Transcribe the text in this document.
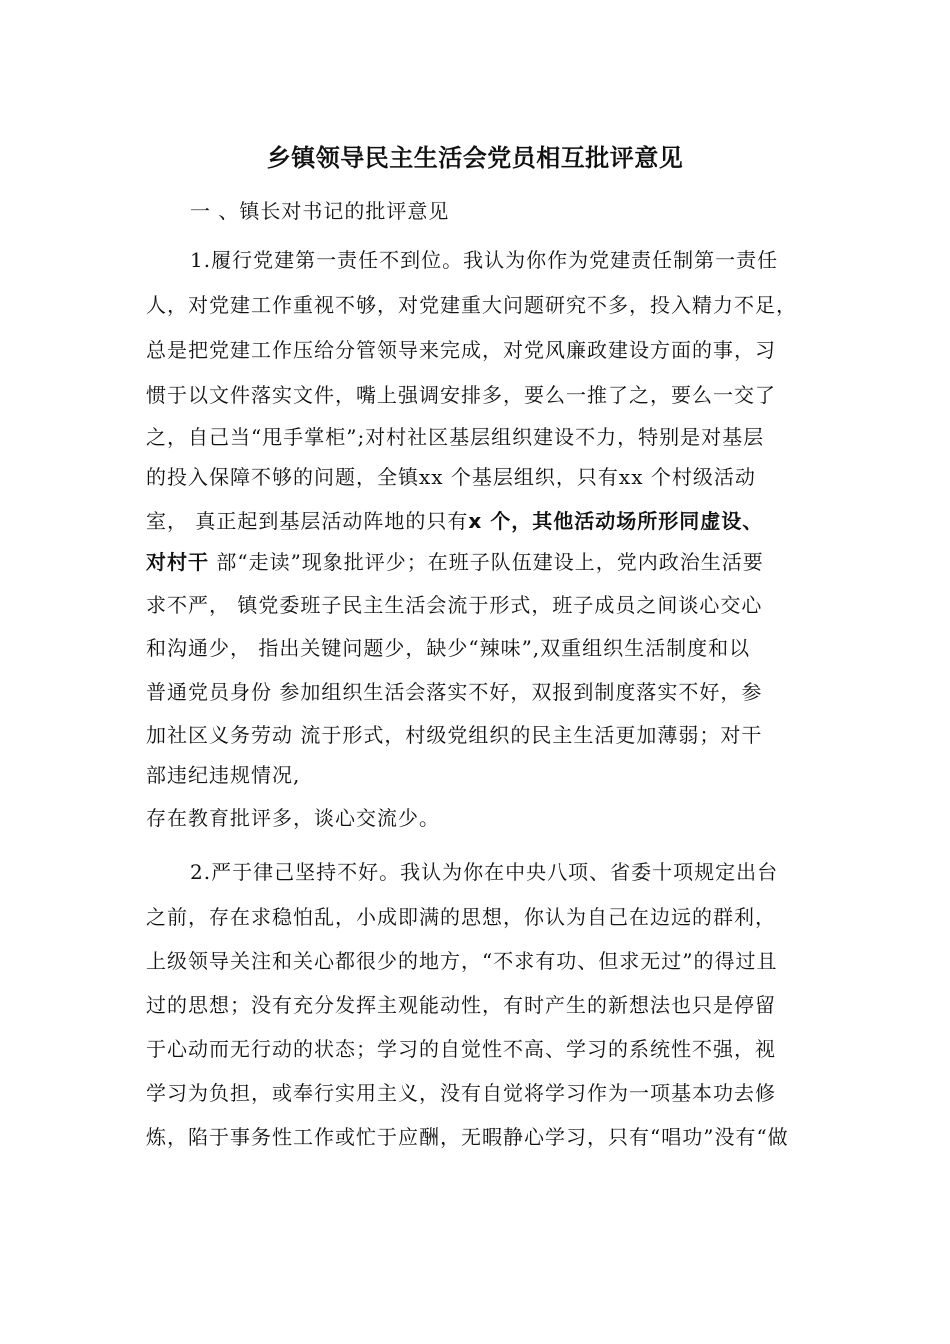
乡镇领导民主生活会党员相互批评意见
一 、镇长对书记的批评意见
1.履行党建第一责任不到位。我认为你作为党建责任制第一责任
人，对党建工作重视不够，对党建重大问题研究不多，投入精力不足，
总是把党建工作压给分管领导来完成，对党风廉政建设方面的事，习
惯于以文件落实文件，嘴上强调安排多，要么一推了之，要么一交了
之，自己当“甩手掌柜”;对村社区基层组织建设不力，特别是对基层
的投入保障不够的问题，全镇xx 个基层组织，只有xx 个村级活动
室， 真正起到基层活动阵地的只有x 个，其他活动场所形同虚设、
对村干 部“走读”现象批评少；在班子队伍建设上，党内政治生活要
求不严， 镇党委班子民主生活会流于形式，班子成员之间谈心交心
和沟通少， 指出关键问题少，缺少“辣味”,双重组织生活制度和以
普通党员身份 参加组织生活会落实不好，双报到制度落实不好，参
加社区义务劳动 流于形式，村级党组织的民主生活更加薄弱；对干
部违纪违规情况,
存在教育批评多，谈心交流少。
2.严于律己坚持不好。我认为你在中央八项、省委十项规定出台
之前，存在求稳怕乱，小成即满的思想，你认为自己在边远的群利，
上级领导关注和关心都很少的地方，“不求有功、但求无过”的得过且
过的思想；没有充分发挥主观能动性，有时产生的新想法也只是停留
于心动而无行动的状态；学习的自觉性不高、学习的系统性不强，视
学习为负担，或奉行实用主义，没有自觉将学习作为一项基本功去修
炼，陷于事务性工作或忙于应酬，无暇静心学习，只有“唱功”没有“做
